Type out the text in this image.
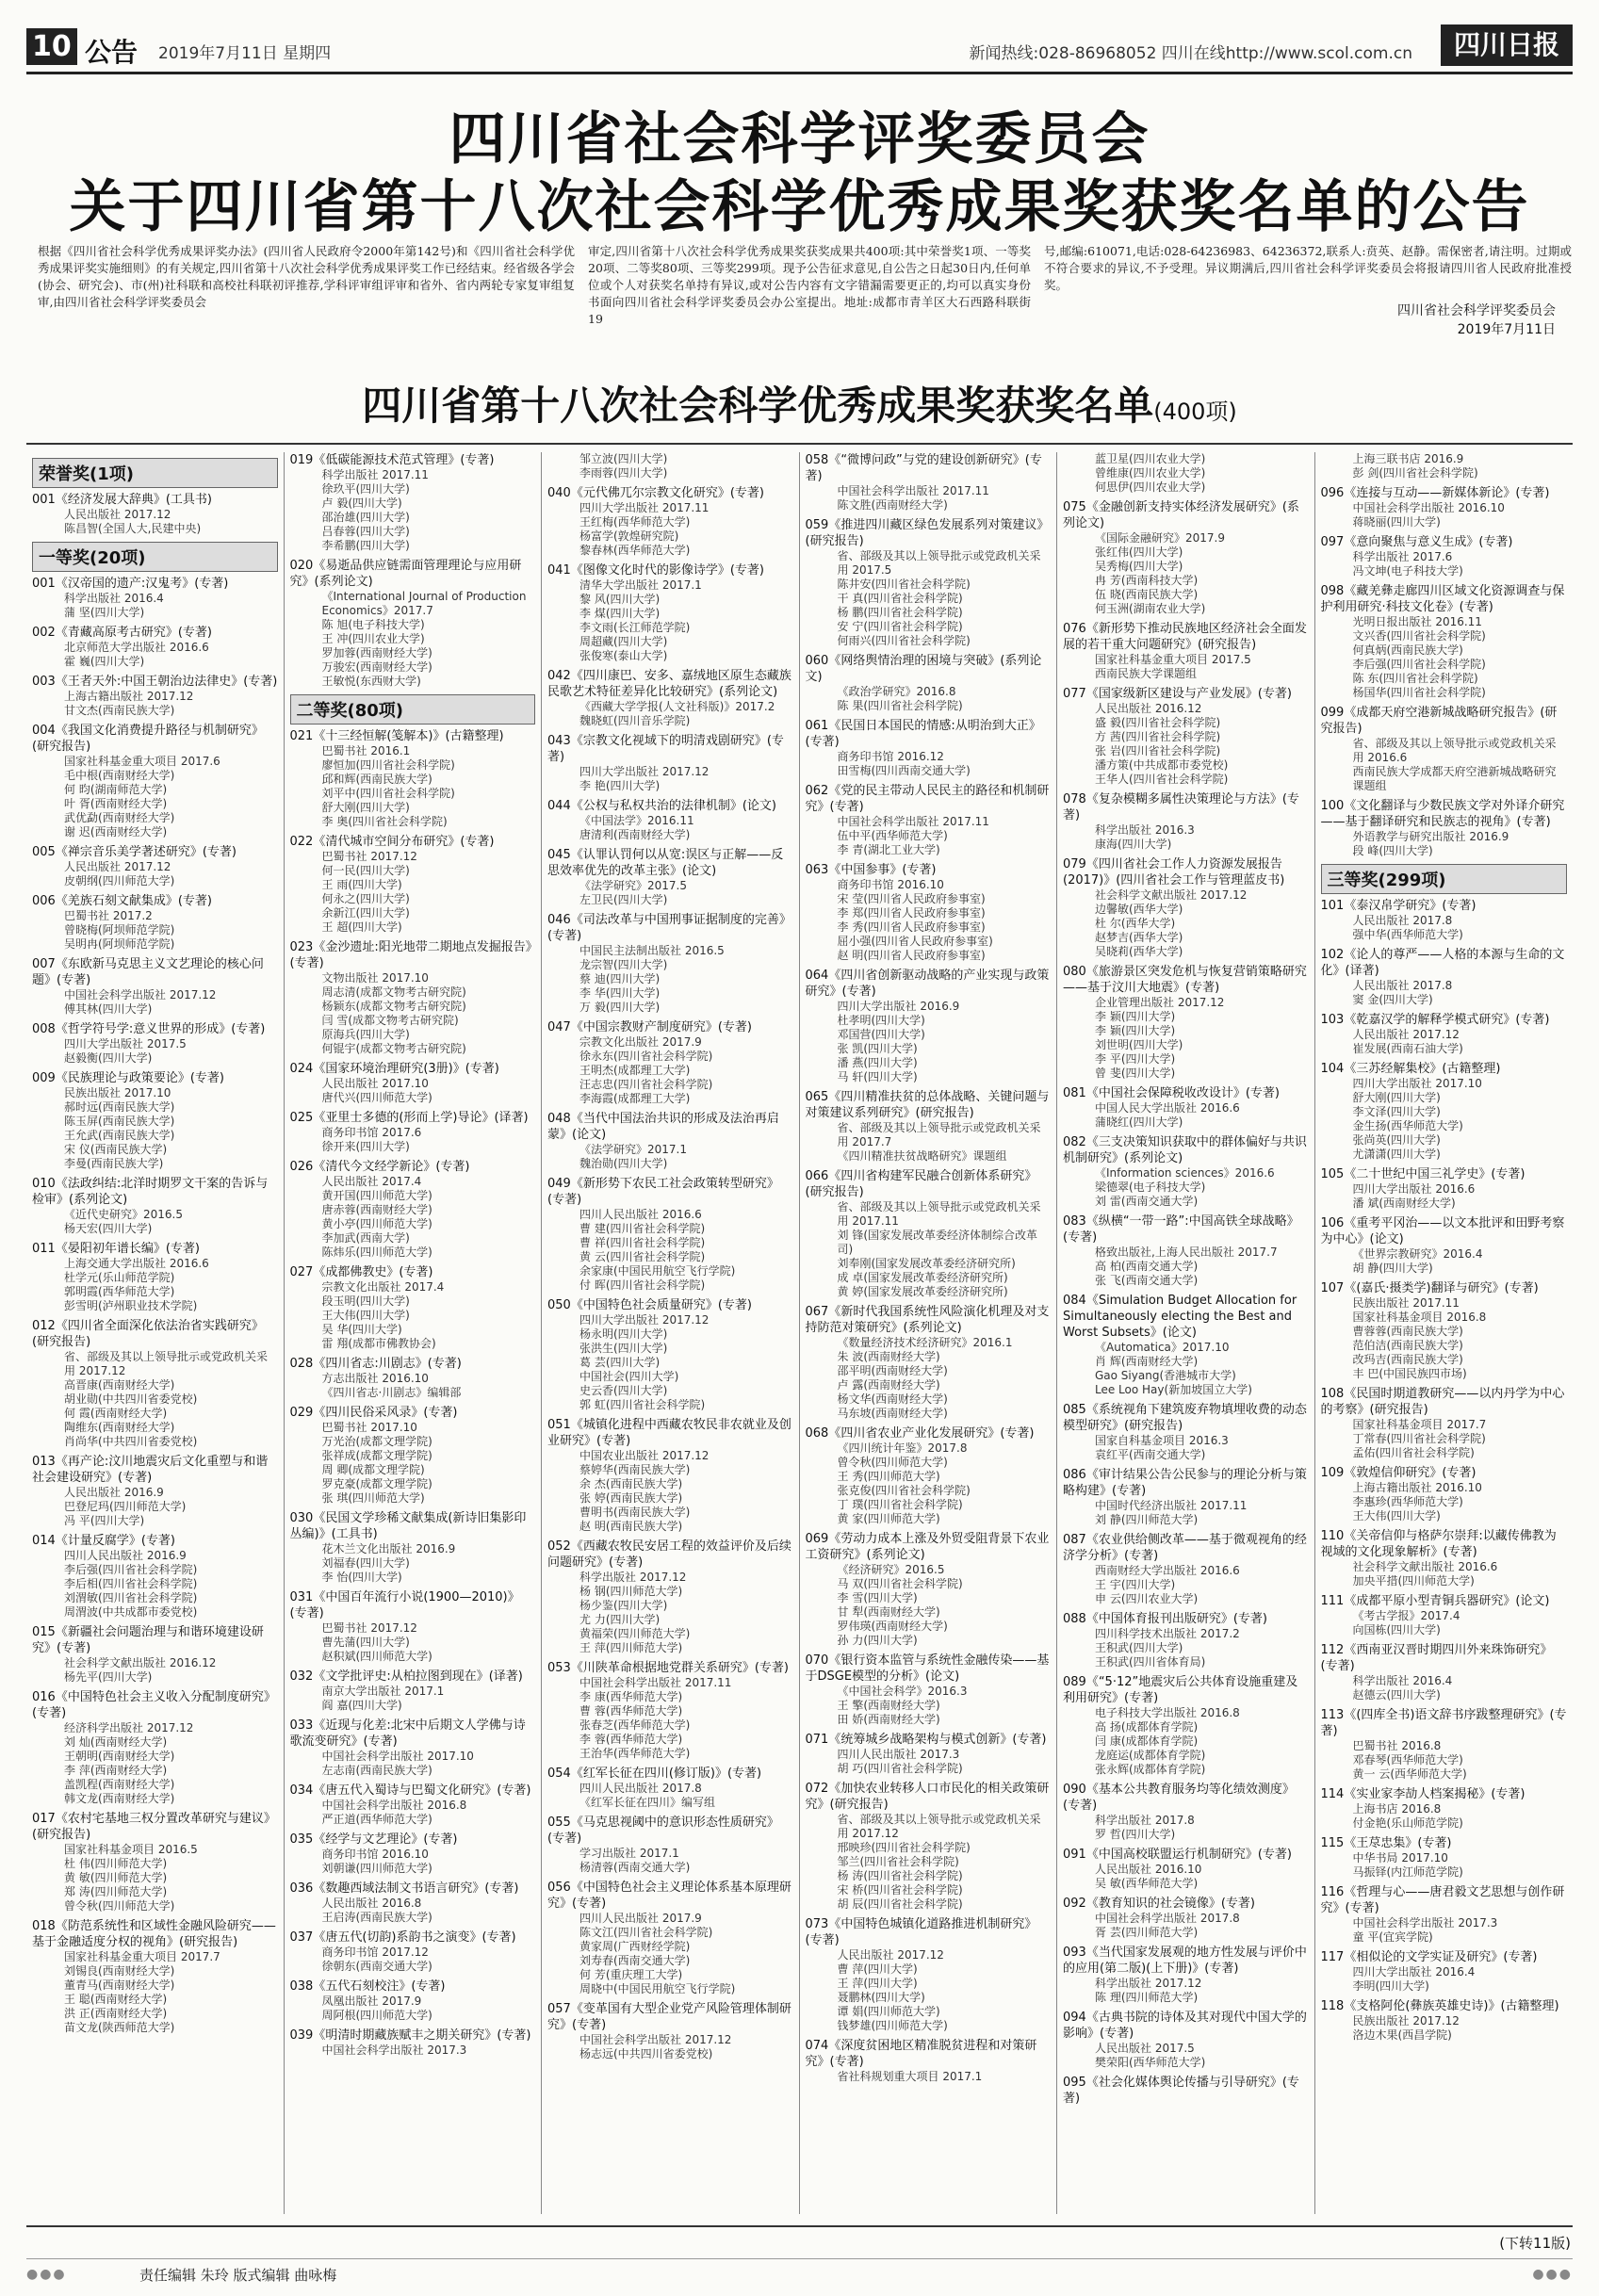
10 公告 2019年7月11日 星期四	新闻热线:028-86968052 四川在线http://www.scol.com.cn	四川日报
四川省社会科学评奖委员会
关于四川省第十八次社会科学优秀成果奖获奖名单的公告
根据《四川省社会科学优秀成果评奖办法》(四川省人民政府令2000年第142号)和《四川省社会科学优秀成果评奖实施细则》的有关规定,四川省第十八次社会科学优秀成果评奖工作已经结束。经省级各学会(协会、研究会)、市(州)社科联和高校社科联初评推荐,学科评审组评审和省外、省内两轮专家复审组复审,由四川省社会科学评奖委员会
审定,四川省第十八次社会科学优秀成果奖获奖成果共400项:其中荣誉奖1项、一等奖20项、二等奖80项、三等奖299项。现予公告征求意见,自公告之日起30日内,任何单位或个人对获奖名单持有异议,或对公告内容有文字错漏需要更正的,均可以真实身份书面向四川省社会科学评奖委员会办公室提出。地址:成都市青羊区大石西路科联街19
号,邮编:610071,电话:028-64236983、64236372,联系人:贲英、赵静。需保密者,请注明。过期或不符合要求的异议,不予受理。异议期满后,四川省社会科学评奖委员会将报请四川省人民政府批准授奖。
四川省社会科学评奖委员会
2019年7月11日
四川省第十八次社会科学优秀成果奖获奖名单(400项)
荣誉奖(1项)
001《经济发展大辞典》(工具书)
人民出版社 2017.12
陈昌智(全国人大,民建中央)
一等奖(20项)
001《汉帝国的遗产:汉鬼考》(专著)
科学出版社 2016.4
蒲 坚(四川大学)
002《青藏高原考古研究》(专著)
北京师范大学出版社 2016.6
霍 巍(四川大学)
003《王者天外:中国王朝治边法律史》(专著)
上海古籍出版社 2017.12
甘文杰(西南民族大学)
004《我国文化消费提升路径与机制研究》(研究报告)
国家社科基金重大项目 2017.6
毛中根(西南财经大学)
何 昀(湖南师范大学)
叶 胥(西南财经大学)
武优勐(西南财经大学)
谢 迟(西南财经大学)
005《禅宗音乐美学著述研究》(专著)
人民出版社 2017.12
皮朝纲(四川师范大学)
006《羌族石刻文献集成》(专著)
巴蜀书社 2017.2
曾晓梅(阿坝师范学院)
吴明冉(阿坝师范学院)
007《东欧新马克思主义文艺理论的核心问题》(专著)
中国社会科学出版社 2017.12
傅其林(四川大学)
008《哲学符号学:意义世界的形成》(专著)
四川大学出版社 2017.5
赵毅衡(四川大学)
009《民族理论与政策要论》(专著)
民族出版社 2017.10
郝时远(西南民族大学)
陈玉屏(西南民族大学)
王允武(西南民族大学)
宋 仪(西南民族大学)
李曼(西南民族大学)
010《法政纠结:北洋时期罗文干案的告诉与检审》(系列论文)
《近代史研究》2016.5
杨天宏(四川大学)
011《晏阳初年谱长编》(专著)
上海交通大学出版社 2016.6
杜学元(乐山师范学院)
郭明霞(西华师范大学)
彭雪明(泸州职业技术学院)
012《四川省全面深化依法治省实践研究》(研究报告)
省、部级及其以上领导批示或党政机关采用 2017.12
高晋康(西南财经大学)
胡业勋(中共四川省委党校)
何 霞(西南财经大学)
陶维东(西南财经大学)
肖尚华(中共四川省委党校)
013《再产论:汶川地震灾后文化重塑与和谐社会建设研究》(专著)
人民出版社 2016.9
巴登尼玛(四川师范大学)
冯 平(四川大学)
014《计量反腐学》(专著)
四川人民出版社 2016.9
李后强(四川省社会科学院)
李后相(四川省社会科学院)
刘渭敏(四川省社会科学院)
周渭波(中共成都市委党校)
015《新疆社会问题治理与和谐环境建设研究》(专著)
社会科学文献出版社 2016.12
杨先平(四川大学)
016《中国特色社会主义收入分配制度研究》(专著)
经济科学出版社 2017.12
刘 灿(西南财经大学)
王朝明(西南财经大学)
李 萍(西南财经大学)
盖凯程(西南财经大学)
韩文龙(西南财经大学)
017《农村宅基地三权分置改革研究与建议》(研究报告)
国家社科基金项目 2016.5
杜 伟(四川师范大学)
黄 敏(四川师范大学)
郑 涛(四川师范大学)
曾令秋(四川师范大学)
018《防范系统性和区域性金融风险研究——基于金融适度分权的视角》(研究报告)
国家社科基金重大项目 2017.7
刘锡良(西南财经大学)
董青马(西南财经大学)
王 聪(西南财经大学)
洪 正(西南财经大学)
苗文龙(陕西师范大学)
019《低碳能源技术范式管理》(专著)
科学出版社 2017.11
徐玖平(四川大学)
卢 毅(四川大学)
邵治雄(四川大学)
吕春蓉(四川大学)
李希鹏(四川大学)
020《易逝品供应链需面管理理论与应用研究》(系列论文)
《International Journal of Production Economics》2017.7
陈 旭(电子科技大学)
王 冲(四川农业大学)
罗加蓉(西南财经大学)
万骏宏(西南财经大学)
王敏悦(东西财大学)
二等奖(80项)
021《十三经恒解(笺解本)》(古籍整理)
巴蜀书社 2016.1
廖恒加(四川省社会科学院)
邱和辉(西南民族大学)
刘平中(四川省社会科学院)
舒大刚(四川大学)
李 奥(四川省社会科学院)
022《清代城市空间分布研究》(专著)
巴蜀书社 2017.12
何一民(四川大学)
王 雨(四川大学)
何永之(四川大学)
余新江(四川大学)
王 超(四川大学)
023《金沙遗址:阳光地带二期地点发掘报告》(专著)
文物出版社 2017.10
周志清(成都文物考古研究院)
杨颖东(成都文物考古研究院)
闫 雪(成都文物考古研究院)
原海兵(四川大学)
何锟宇(成都文物考古研究院)
024《国家环境治理研究(3册)》(专著)
人民出版社 2017.10
唐代兴(四川师范大学)
025《亚里士多德的(形而上学)导论》(译著)
商务印书馆 2017.6
徐开来(四川大学)
026《清代今文经学新论》(专著)
人民出版社 2017.4
黄开国(四川师范大学)
唐赤蓉(西南财经大学)
黄小亭(四川师范大学)
李加武(西南大学)
陈炜乐(四川师范大学)
027《成都佛教史》(专著)
宗教文化出版社 2017.4
段玉明(四川大学)
王大伟(四川大学)
吴 华(四川大学)
雷 翔(成都市佛教协会)
028《四川省志:川剧志》(专著)
方志出版社 2016.10
《四川省志·川剧志》编辑部
029《四川民俗采风录》(专著)
巴蜀书社 2017.10
万光治(成都文理学院)
张祥成(成都文理学院)
周 卿(成都文理学院)
罗克豪(成都文理学院)
张 琪(四川师范大学)
030《民国文学珍稀文献集成(新诗旧集影印丛编)》(工具书)
花木兰文化出版社 2016.9
刘福春(四川大学)
李 怡(四川大学)
031《中国百年流行小说(1900—2010)》(专著)
巴蜀书社 2017.12
曹先蒲(四川大学)
赵积斌(四川师范大学)
032《文学批评史:从柏拉图到现在》(译著)
南京大学出版社 2017.1
阎 嘉(四川大学)
033《近现与化差:北宋中后期文人学佛与诗歌流变研究》(专著)
中国社会科学出版社 2017.10
左志南(西南民族大学)
034《唐五代入蜀诗与巴蜀文化研究》(专著)
中国社会科学出版社 2016.8
严正道(西华师范大学)
035《经学与文艺理论》(专著)
商务印书馆 2016.10
刘朝谦(四川师范大学)
036《数趣西域法制文书语言研究》(专著)
人民出版社 2016.8
王启涛(西南民族大学)
037《唐五代(切韵)系韵书之演变》(专著)
商务印书馆 2017.12
徐朝东(西南交通大学)
038《五代石刻校注》(专著)
凤凰出版社 2017.9
周阿根(四川师范大学)
039《明清时期藏族赋丰之期关研究》(专著)
中国社会科学出版社 2017.3
邹立波(四川大学)
李雨蓉(四川大学)
040《元代佛兀尔宗教文化研究》(专著)
四川大学出版社 2017.11
王红梅(西华师范大学)
杨富学(敦煌研究院)
黎春林(西华师范大学)
041《图像文化时代的影像诗学》(专著)
清华大学出版社 2017.1
黎 风(四川大学)
李 煤(四川大学)
李文雨(长江师范学院)
周超藏(四川大学)
张俊寒(泰山大学)
042《四川康巴、安多、嘉绒地区原生态藏族民歌艺术特征差异化比较研究》(系列论文)
《西藏大学学报(人文社科版)》2017.2
魏晓虹(四川音乐学院)
043《宗教文化视域下的明清戏剧研究》(专著)
四川大学出版社 2017.12
李 艳(四川大学)
044《公权与私权共治的法律机制》(论文)
《中国法学》2016.11
唐清利(西南财经大学)
045《认罪认罚何以从宽:误区与正解——反思效率优先的改革主张》(论文)
《法学研究》2017.5
左卫民(四川大学)
046《司法改革与中国刑事证据制度的完善》(专著)
中国民主法制出版社 2016.5
龙宗智(四川大学)
蔡 迪(四川大学)
李 华(四川大学)
万 毅(四川大学)
047《中国宗教财产制度研究》(专著)
宗教文化出版社 2017.9
徐永东(四川省社会科学院)
王明杰(成都理工大学)
汪志忠(四川省社会科学院)
李海霞(成都理工大学)
048《当代中国法治共识的形成及法治再启蒙》(论文)
《法学研究》2017.1
魏治勋(四川大学)
049《新形势下农民工社会政策转型研究》(专著)
四川人民出版社 2016.6
曹 建(四川省社会科学院)
曹 祥(四川省社会科学院)
黄 云(四川省社会科学院)
余家康(中国民用航空飞行学院)
付 晖(四川省社会科学院)
050《中国特色社会质量研究》(专著)
四川大学出版社 2017.12
杨永明(四川大学)
张洪生(四川大学)
葛 芸(四川大学)
中国社会(四川大学)
史云香(四川大学)
郭 虹(四川省社会科学院)
051《城镇化进程中西藏农牧民非农就业及创业研究》(专著)
中国农业出版社 2017.12
蔡婷华(西南民族大学)
余 杰(西南民族大学)
张 婷(西南民族大学)
曹明书(西南民族大学)
赵 明(西南民族大学)
052《西藏农牧民安居工程的效益评价及后续问题研究》(专著)
科学出版社 2017.12
杨 钢(四川师范大学)
杨少鉴(四川大学)
尤 力(四川大学)
黄福荣(四川师范大学)
王 萍(四川师范大学)
053《川陕革命根据地党群关系研究》(专著)
中国社会科学出版社 2017.11
李 康(西华师范大学)
曹 蓉(西华师范大学)
张春芝(西华师范大学)
李 蓉(西华师范大学)
王治华(西华师范大学)
054《红军长征在四川(修订版)》(专著)
四川人民出版社 2017.8
《红军长征在四川》编写组
055《马克思视阈中的意识形态性质研究》(专著)
学习出版社 2017.1
杨清蓉(西南交通大学)
056《中国特色社会主义理论体系基本原理研究》(专著)
四川人民出版社 2017.9
陈文江(四川省社会科学院)
黄家周(广西财经学院)
刘寿春(西南交通大学)
何 芳(重庆理工大学)
周晓中(中国民用航空飞行学院)
057《变革国有大型企业党产风险管理体制研究》(专著)
中国社会科学出版社 2017.12
杨志远(中共四川省委党校)
058《“微博问政”与党的建设创新研究》(专著)
中国社会科学出版社 2017.11
陈文胜(西南财经大学)
059《推进四川藏区绿色发展系列对策建议》(研究报告)
省、部级及其以上领导批示或党政机关采用 2017.5
陈井安(四川省社会科学院)
干 真(四川省社会科学院)
杨 鹏(四川省社会科学院)
安 宁(四川省社会科学院)
何雨兴(四川省社会科学院)
060《网络舆情治理的困境与突破》(系列论文)
《政治学研究》2016.8
陈 果(四川省社会科学院)
061《民国日本国民的情感:从明治到大正》(专著)
商务印书馆 2016.12
田雪梅(四川西南交通大学)
062《党的民主带动人民民主的路径和机制研究》(专著)
中国社会科学出版社 2017.11
伍中平(西华师范大学)
李 青(湖北工业大学)
063《中国参事》(专著)
商务印书馆 2016.10
宋 莹(四川省人民政府参事室)
李 郑(四川省人民政府参事室)
李 秀(四川省人民政府参事室)
屈小强(四川省人民政府参事室)
赵 明(四川省人民政府参事室)
064《四川省创新驱动战略的产业实现与政策研究》(专著)
四川大学出版社 2016.9
杜孝明(四川大学)
邓国营(四川大学)
张 凯(四川大学)
潘 燕(四川大学)
马 轩(四川大学)
065《四川精准扶贫的总体战略、关键问题与对策建议系列研究》(研究报告)
省、部级及其以上领导批示或党政机关采用 2017.7
《四川精准扶贫战略研究》课题组
066《四川省构建军民融合创新体系研究》(研究报告)
省、部级及其以上领导批示或党政机关采用 2017.11
刘 锋(国家发展改革委经济体制综合改革司)
刘奉刚(国家发展改革委经济研究所)
成 卓(国家发展改革委经济研究所)
黄 婷(国家发展改革委经济研究所)
067《新时代我国系统性风险演化机理及对支持防范对策研究》(系列论文)
《数量经济技术经济研究》2016.1
朱 波(西南财经大学)
邵平明(西南财经大学)
卢 露(西南财经大学)
杨文华(西南财经大学)
马东坡(西南财经大学)
068《四川省农业产业化发展研究》(专著)
《四川统计年鉴》2017.8
曾令秋(四川师范大学)
王 秀(四川师范大学)
张克俊(四川省社会科学院)
丁 璞(四川省社会科学院)
黄 家(四川师范大学)
069《劳动力成本上涨及外贸受阻背景下农业工资研究》(系列论文)
《经济研究》2016.5
马 双(四川省社会科学院)
李 雪(四川大学)
甘 犁(西南财经大学)
罗伟瑛(西南财经大学)
孙 力(四川大学)
070《银行资本监管与系统性金融传染——基于DSGE模型的分析》(论文)
《中国社会科学》2016.3
王 擎(西南财经大学)
田 娇(西南财经大学)
071《统筹城乡战略架构与模式创新》(专著)
四川人民出版社 2017.3
胡 巧(四川省社会科学院)
072《加快农业转移人口市民化的相关政策研究》(研究报告)
省、部级及其以上领导批示或党政机关采用 2017.12
邢映珍(四川省社会科学院)
邹兰(四川省社会科学院)
杨 涛(四川省社会科学院)
宋 桥(四川省社会科学院)
胡 辰(四川省社会科学院)
073《中国特色城镇化道路推进机制研究》(专著)
人民出版社 2017.12
曹 萍(四川大学)
王 萍(四川大学)
聂鹏林(四川大学)
谭 娟(四川师范大学)
钱梦雄(四川师范大学)
074《深度贫困地区精准脱贫进程和对策研究》(专著)
省社科规划重大项目 2017.1
蓝卫星(四川农业大学)
曾维康(四川农业大学)
何思伊(四川农业大学)
075《金融创新支持实体经济发展研究》(系列论文)
《国际金融研究》2017.9
张红伟(四川大学)
吴秀梅(四川大学)
冉 芳(西南科技大学)
伍 晓(西南民族大学)
何玉洲(湖南农业大学)
076《新形势下推动民族地区经济社会全面发展的若干重大问题研究》(研究报告)
国家社科基金重大项目 2017.5
西南民族大学课题组
077《国家级新区建设与产业发展》(专著)
人民出版社 2016.12
盛 毅(四川省社会科学院)
方 茜(四川省社会科学院)
张 岩(四川省社会科学院)
潘方策(中共成都市委党校)
王华人(四川省社会科学院)
078《复杂模糊多属性决策理论与方法》(专著)
科学出版社 2016.3
康海(四川大学)
079《四川省社会工作人力资源发展报告(2017)》(四川省社会工作与管理蓝皮书)
社会科学文献出版社 2017.12
边馨敏(西华大学)
杜 尔(西华大学)
赵梦吉(西华大学)
吴晓莉(西华大学)
080《旅游景区突发危机与恢复营销策略研究——基于汶川大地震》(专著)
企业管理出版社 2017.12
李 颖(四川大学)
李 颖(四川大学)
刘世明(四川大学)
李 平(四川大学)
曾 斐(四川大学)
081《中国社会保障税收改设计》(专著)
中国人民大学出版社 2016.6
蒲晓红(四川大学)
082《三支决策知识获取中的群体偏好与共识机制研究》(系列论文)
《Information sciences》2016.6
梁德翠(电子科技大学)
刘 雷(西南交通大学)
083《纵横“一带一路”:中国高铁全球战略》(专著)
格致出版社,上海人民出版社 2017.7
高 柏(西南交通大学)
张 飞(西南交通大学)
084《Simulation Budget Allocation for Simultaneously electing the Best and Worst Subsets》(论文)
《Automatica》2017.10
肖 辉(西南财经大学)
Gao Siyang(香港城市大学)
Lee Loo Hay(新加坡国立大学)
085《系统视角下建筑废弃物填埋收费的动态模型研究》(研究报告)
国家自科基金项目 2016.3
袁红平(西南交通大学)
086《审计结果公告公民参与的理论分析与策略构建》(专著)
中国时代经济出版社 2017.11
刘 静(四川师范大学)
087《农业供给侧改革——基于微观视角的经济学分析》(专著)
西南财经大学出版社 2016.6
王 宇(四川大学)
申 云(四川农业大学)
088《中国体育报刊出版研究》(专著)
四川科学技术出版社 2017.2
王积武(四川大学)
王积武(四川省体育局)
089《“5·12”地震灾后公共体育设施重建及利用研究》(专著)
电子科技大学出版社 2016.8
高 扬(成都体育学院)
闫 康(成都体育学院)
龙庭运(成都体育学院)
张永辉(成都体育学院)
090《基本公共教育服务均等化绩效测度》(专著)
科学出版社 2017.8
罗 哲(四川大学)
091《中国高校联盟运行机制研究》(专著)
人民出版社 2016.10
吴 敏(西华师范大学)
092《教育知识的社会镜像》(专著)
中国社会科学出版社 2017.8
胥 芸(四川师范大学)
093《当代国家发展观的地方性发展与评价中的应用(第二版)(上下册)》(专著)
科学出版社 2017.12
陈 理(四川师范大学)
094《古典书院的诗体及其对现代中国大学的影响》(专著)
人民出版社 2017.5
樊荣阳(西华师范大学)
095《社会化媒体舆论传播与引导研究》(专著)
上海三联书店 2016.9
彭 剑(四川省社会科学院)
096《连接与互动——新媒体新论》(专著)
中国社会科学出版社 2016.10
蒋晓丽(四川大学)
097《意向聚焦与意义生成》(专著)
科学出版社 2017.6
冯文坤(电子科技大学)
098《藏羌彝走廊四川区域文化资源调查与保护利用研究·科技文化卷》(专著)
光明日报出版社 2016.11
文兴香(四川省社会科学院)
何真炳(西南民族大学)
李后强(四川省社会科学院)
陈 东(四川省社会科学院)
杨国华(四川省社会科学院)
099《成都天府空港新城战略研究报告》(研究报告)
省、部级及其以上领导批示或党政机关采用 2016.6
西南民族大学成都天府空港新城战略研究课题组
100《文化翻译与少数民族文学对外译介研究——基于翻译研究和民族志的视角》(专著)
外语教学与研究出版社 2016.9
段 峰(四川大学)
三等奖(299项)
101《泰汉帛学研究》(专著)
人民出版社 2017.8
强中华(西华师范大学)
102《论人的尊严——人格的本源与生命的文化》(译著)
人民出版社 2017.8
窦 金(四川大学)
103《乾嘉汉学的解释学模式研究》(专著)
人民出版社 2017.12
崔发展(西南石油大学)
104《三苏经解集校》(古籍整理)
四川大学出版社 2017.10
舒大刚(四川大学)
李文泽(四川大学)
金生扬(西华师范大学)
张尚英(四川大学)
尤潇潇(四川大学)
105《二十世纪中国三礼学史》(专著)
四川大学出版社 2016.6
潘 斌(西南财经大学)
106《重考平冈治——以文本批评和田野考察为中心》(论文)
《世界宗教研究》2016.4
胡 静(四川大学)
107《(嘉氏·摄类学)翻译与研究》(专著)
民族出版社 2017.11
国家社科基金项目 2016.8
曹蓉蓉(西南民族大学)
范伯洁(西南民族大学)
改玛吉(西南民族大学)
丰 巴(中国民族四市场)
108《民国时期道教研究——以内丹学为中心的考察》(研究报告)
国家社科基金项目 2017.7
丁常春(四川省社会科学院)
孟佑(四川省社会科学院)
109《敦煌信仰研究》(专著)
上海古籍出版社 2016.10
李惠珍(西华师范大学)
王大伟(四川大学)
110《关帝信仰与格萨尔崇拜:以藏传佛教为视域的文化现象解析》(专著)
社会科学文献出版社 2016.6
加央平措(四川师范大学)
111《成都平原小型青铜兵器研究》(论文)
《考古学报》2017.4
向国栋(四川大学)
112《西南亚汉晋时期四川外来珠饰研究》(专著)
科学出版社 2016.4
赵德云(四川大学)
113《(四库全书)语文辞书序跋整理研究》(专著)
巴蜀书社 2016.8
邓春琴(西华师范大学)
黄一 云(西华师范大学)
114《实业家李劼人档案揭秘》(专著)
上海书店 2016.8
付金艳(乐山师范学院)
115《王荩忠集》(专著)
中华书局 2017.10
马振铎(内江师范学院)
116《哲理与心——唐君毅文艺思想与创作研究》(专著)
中国社会科学出版社 2017.3
童 平(宜宾学院)
117《相似论的文学实证及研究》(专著)
四川大学出版社 2016.4
李明(四川大学)
118《支格阿伦(彝族英雄史诗)》(古籍整理)
民族出版社 2017.12
洛边木果(西昌学院)
(下转11版)
●●●	责任编辑 朱玲 版式编辑 曲咏梅	●●●
